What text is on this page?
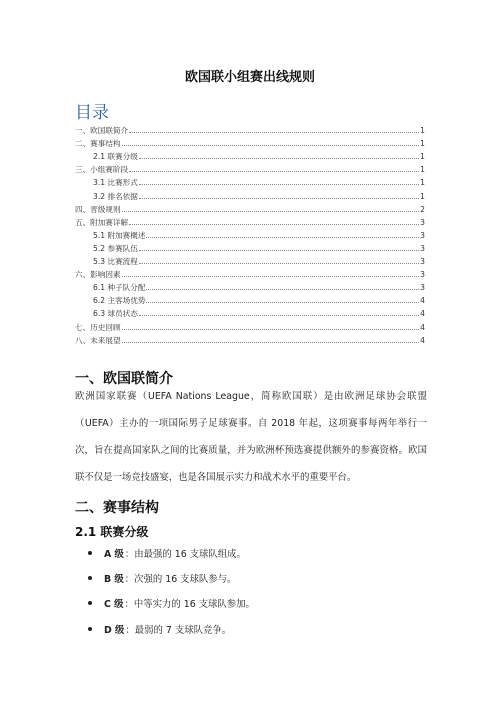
欧国联小组赛出线规则
目录
一、欧国联简介	1
二、赛事结构	1
2.1 联赛分级	1
三、小组赛阶段	1
3.1 比赛形式	1
3.2 排名依据	1
四、晋级规则	2
五、附加赛详解	3
5.1 附加赛概述	3
5.2 参赛队伍	3
5.3 比赛流程	3
六、影响因素	3
6.1 种子队分配	3
6.2 主客场优势	4
6.3 球员状态	4
七、历史回顾	4
八、未来展望	4
一、欧国联简介
欧洲国家联赛（UEFA Nations League，简称欧国联）是由欧洲足球协会联盟（UEFA）主办的一项国际男子足球赛事。自 2018 年起，这项赛事每两年举行一次，旨在提高国家队之间的比赛质量，并为欧洲杯预选赛提供额外的参赛资格。欧国联不仅是一场竞技盛宴，也是各国展示实力和战术水平的重要平台。
二、赛事结构
2.1 联赛分级
A 级 ：由最强的 16 支球队组成。
B 级 ：次强的 16 支球队参与。
C 级 ：中等实力的 16 支球队参加。
D 级 ：最弱的 7 支球队竞争。
